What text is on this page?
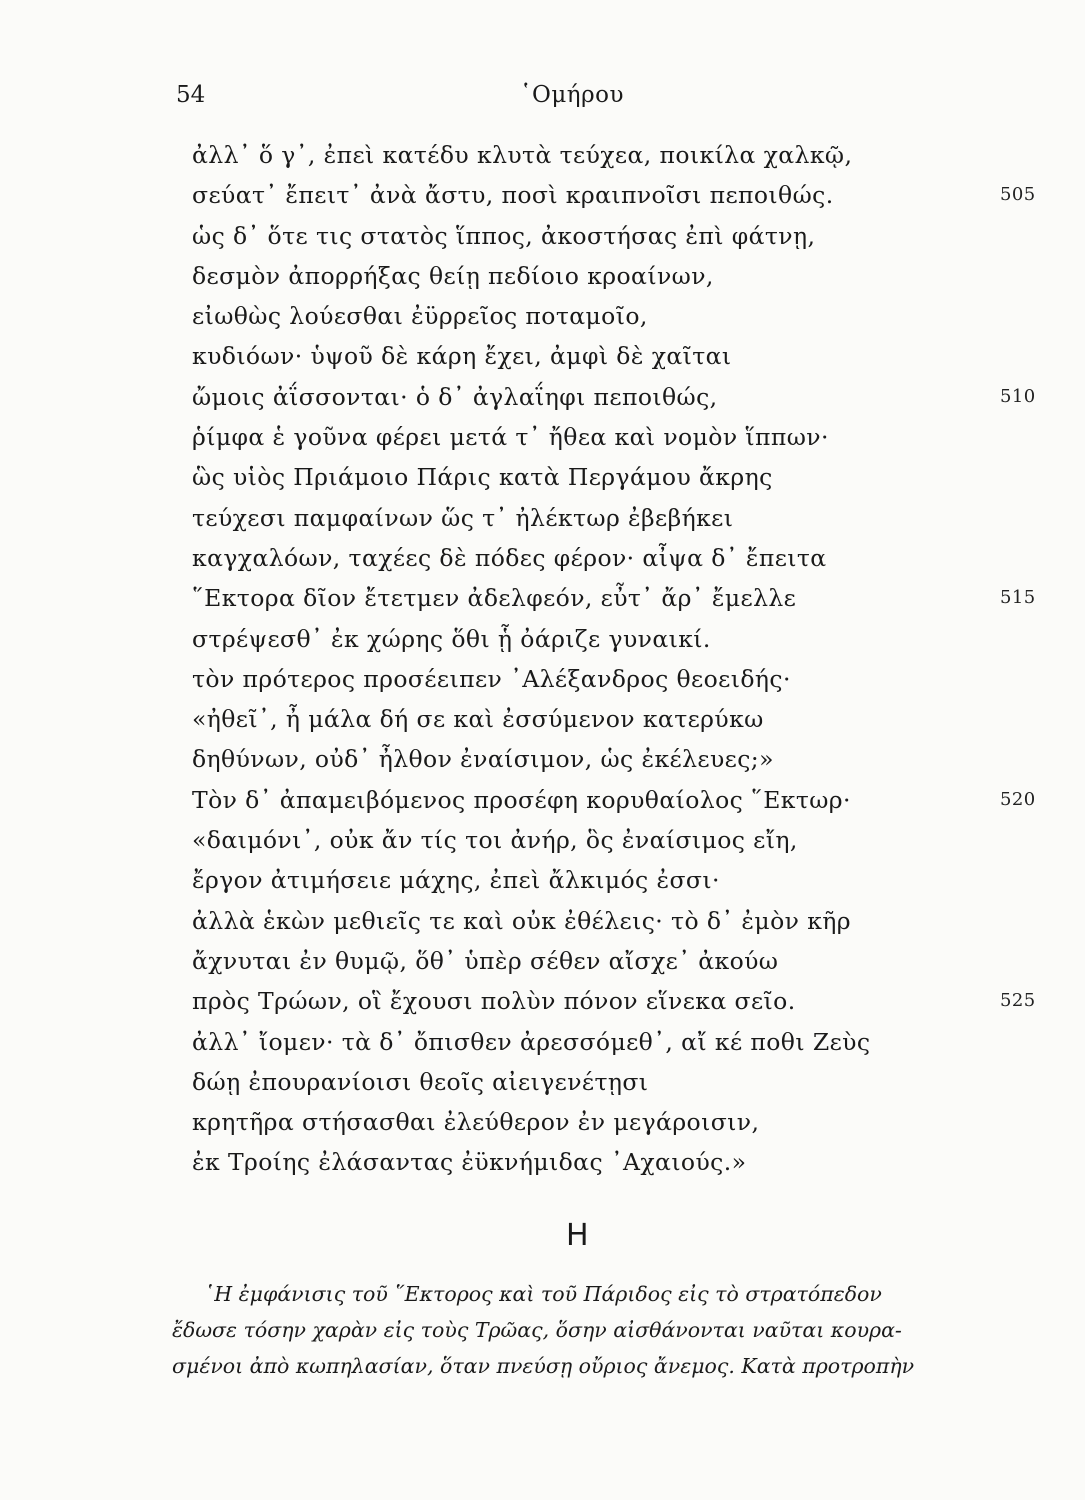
54	῾Ομήρου
ἀλλ᾽ ὅ γ᾽, ἐπεὶ κατέδυ κλυτὰ τεύχεα, ποικίλα χαλκῷ,
σεύατ᾽ ἔπειτ᾽ ἀνὰ ἄστυ, ποσὶ κραιπνοῖσι πεποιθώς.	505
ὡς δ᾽ ὅτε τις στατὸς ἵππος, ἀκοστήσας ἐπὶ φάτνῃ,
δεσμὸν ἀπορρήξας θείῃ πεδίοιο κροαίνων,
εἰωθὼς λούεσθαι ἐϋρρεῖος ποταμοῖο,
κυδιόων· ὑψοῦ δὲ κάρη ἔχει, ἀμφὶ δὲ χαῖται
ὤμοις ἀΐσσονται· ὁ δ᾽ ἀγλαΐηφι πεποιθώς,	510
ῥίμφα ἑ γοῦνα φέρει μετά τ᾽ ἤθεα καὶ νομὸν ἵππων·
ὣς υἱὸς Πριάμοιο Πάρις κατὰ Περγάμου ἄκρης
τεύχεσι παμφαίνων ὥς τ᾽ ἠλέκτωρ ἐβεβήκει
καγχαλόων, ταχέες δὲ πόδες φέρον· αἶψα δ᾽ ἔπειτα
῞Εκτορα δῖον ἔτετμεν ἀδελφεόν, εὖτ᾽ ἄρ᾽ ἔμελλε	515
στρέψεσθ᾽ ἐκ χώρης ὅθι ᾗ ὀάριζε γυναικί.
τὸν πρότερος προσέειπεν ᾽Αλέξανδρος θεοειδής·
«ἠθεῖ᾽, ἦ μάλα δή σε καὶ ἐσσύμενον κατερύκω
δηθύνων, οὐδ᾽ ἦλθον ἐναίσιμον, ὡς ἐκέλευες;»
Τὸν δ᾽ ἀπαμειβόμενος προσέφη κορυθαίολος ῞Εκτωρ·	520
«δαιμόνι᾽, οὐκ ἄν τίς τοι ἀνήρ, ὃς ἐναίσιμος εἴη,
ἔργον ἀτιμήσειε μάχης, ἐπεὶ ἄλκιμός ἐσσι·
ἀλλὰ ἑκὼν μεθιεῖς τε καὶ οὐκ ἐθέλεις· τὸ δ᾽ ἐμὸν κῆρ
ἄχνυται ἐν θυμῷ, ὅθ᾽ ὑπὲρ σέθεν αἴσχε᾽ ἀκούω
πρὸς Τρώων, οἳ ἔχουσι πολὺν πόνον εἵνεκα σεῖο.	525
ἀλλ᾽ ἴομεν· τὰ δ᾽ ὄπισθεν ἀρεσσόμεθ᾽, αἴ κέ ποθι Ζεὺς
δώῃ ἐπουρανίοισι θεοῖς αἰειγενέτῃσι
κρητῆρα στήσασθαι ἐλεύθερον ἐν μεγάροισιν,
ἐκ Τροίης ἐλάσαντας ἐϋκνήμιδας ᾽Αχαιούς.»
Η
῾Η ἐμφάνισις τοῦ ῞Εκτορος καὶ τοῦ Πάριδος εἰς τὸ στρατόπεδον
ἔδωσε τόσην χαρὰν εἰς τοὺς Τρῶας, ὅσην αἰσθάνονται ναῦται κουρα-
σμένοι ἀπὸ κωπηλασίαν, ὅταν πνεύσῃ οὔριος ἄνεμος. Κατὰ προτροπὴν
